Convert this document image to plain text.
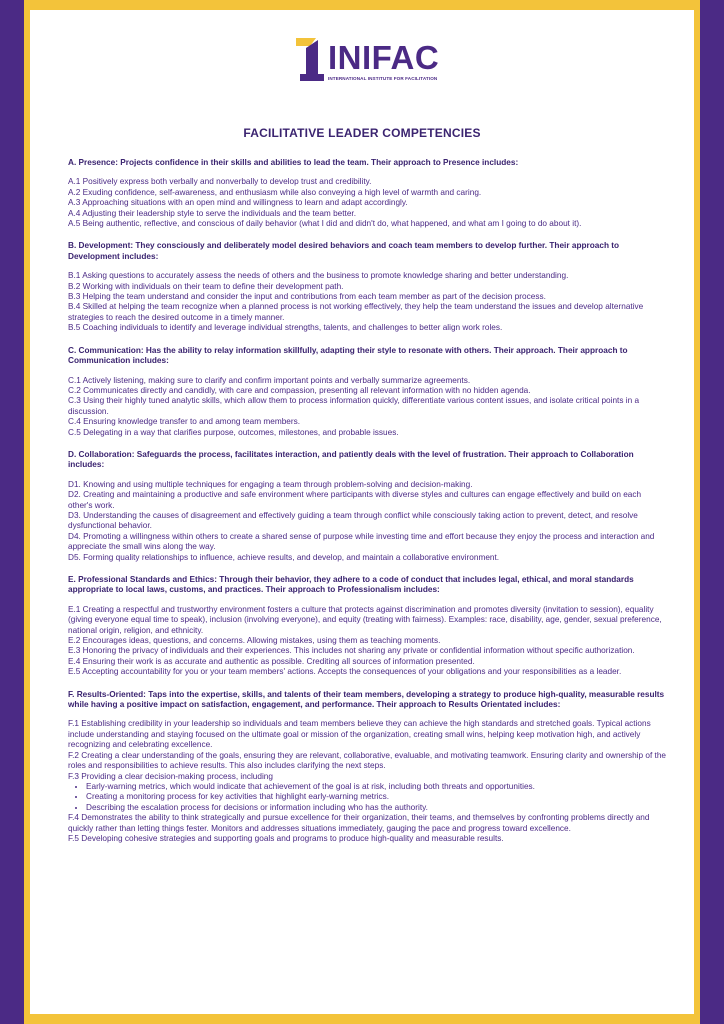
INIFAC
INTERNATIONAL INSTITUTE FOR FACILITATION
FACILITATIVE LEADER COMPETENCIES
A. Presence: Projects confidence in their skills and abilities to lead the team. Their approach to Presence includes:
A.1 Positively express both verbally and nonverbally to develop trust and credibility.
A.2 Exuding confidence, self-awareness, and enthusiasm while also conveying a high level of warmth and caring.
A.3 Approaching situations with an open mind and willingness to learn and adapt accordingly.
A.4 Adjusting their leadership style to serve the individuals and the team better.
A.5 Being authentic, reflective, and conscious of daily behavior (what I did and didn't do, what happened, and what am I going to do about it).
B. Development: They consciously and deliberately model desired behaviors and coach team members to develop further. Their approach to Development includes:
B.1 Asking questions to accurately assess the needs of others and the business to promote knowledge sharing and better understanding.
B.2 Working with individuals on their team to define their development path.
B.3 Helping the team understand and consider the input and contributions from each team member as part of the decision process.
B.4 Skilled at helping the team recognize when a planned process is not working effectively, they help the team understand the issues and develop alternative strategies to reach the desired outcome in a timely manner.
B.5 Coaching individuals to identify and leverage individual strengths, talents, and challenges to better align work roles.
C. Communication: Has the ability to relay information skillfully, adapting their style to resonate with others. Their approach. Their approach to Communication includes:
C.1 Actively listening, making sure to clarify and confirm important points and verbally summarize agreements.
C.2 Communicates directly and candidly, with care and compassion, presenting all relevant information with no hidden agenda.
C.3 Using their highly tuned analytic skills, which allow them to process information quickly, differentiate various content issues, and isolate critical points in a discussion.
C.4 Ensuring knowledge transfer to and among team members.
C.5 Delegating in a way that clarifies purpose, outcomes, milestones, and probable issues.
D. Collaboration: Safeguards the process, facilitates interaction, and patiently deals with the level of frustration. Their approach to Collaboration includes:
D1. Knowing and using multiple techniques for engaging a team through problem-solving and decision-making.
D2. Creating and maintaining a productive and safe environment where participants with diverse styles and cultures can engage effectively and build on each other's work.
D3. Understanding the causes of disagreement and effectively guiding a team through conflict while consciously taking action to prevent, detect, and resolve dysfunctional behavior.
D4. Promoting a willingness within others to create a shared sense of purpose while investing time and effort because they enjoy the process and interaction and appreciate the small wins along the way.
D5. Forming quality relationships to influence, achieve results, and develop, and maintain a collaborative environment.
E. Professional Standards and Ethics: Through their behavior, they adhere to a code of conduct that includes legal, ethical, and moral standards appropriate to local laws, customs, and practices. Their approach to Professionalism includes:
E.1 Creating a respectful and trustworthy environment fosters a culture that protects against discrimination and promotes diversity (invitation to session), equality (giving everyone equal time to speak), inclusion (involving everyone), and equity (treating with fairness). Examples: race, disability, age, gender, sexual preference, national origin, religion, and ethnicity.
E.2 Encourages ideas, questions, and concerns. Allowing mistakes, using them as teaching moments.
E.3 Honoring the privacy of individuals and their experiences. This includes not sharing any private or confidential information without specific authorization.
E.4 Ensuring their work is as accurate and authentic as possible. Crediting all sources of information presented.
E.5 Accepting accountability for you or your team members' actions. Accepts the consequences of your obligations and your responsibilities as a leader.
F. Results-Oriented: Taps into the expertise, skills, and talents of their team members, developing a strategy to produce high-quality, measurable results while having a positive impact on satisfaction, engagement, and performance. Their approach to Results Orientated includes:
F.1 Establishing credibility in your leadership so individuals and team members believe they can achieve the high standards and stretched goals. Typical actions include understanding and staying focused on the ultimate goal or mission of the organization, creating small wins, helping keep motivation high, and actively recognizing and celebrating excellence.
F.2 Creating a clear understanding of the goals, ensuring they are relevant, collaborative, evaluable, and motivating teamwork. Ensuring clarity and ownership of the roles and responsibilities to achieve results. This also includes clarifying the next steps.
F.3 Providing a clear decision-making process, including
• Early-warning metrics, which would indicate that achievement of the goal is at risk, including both threats and opportunities.
• Creating a monitoring process for key activities that highlight early-warning metrics.
• Describing the escalation process for decisions or information including who has the authority.
F.4 Demonstrates the ability to think strategically and pursue excellence for their organization, their teams, and themselves by confronting problems directly and quickly rather than letting things fester. Monitors and addresses situations immediately, gauging the pace and progress toward excellence.
F.5 Developing cohesive strategies and supporting goals and programs to produce high-quality and measurable results.
